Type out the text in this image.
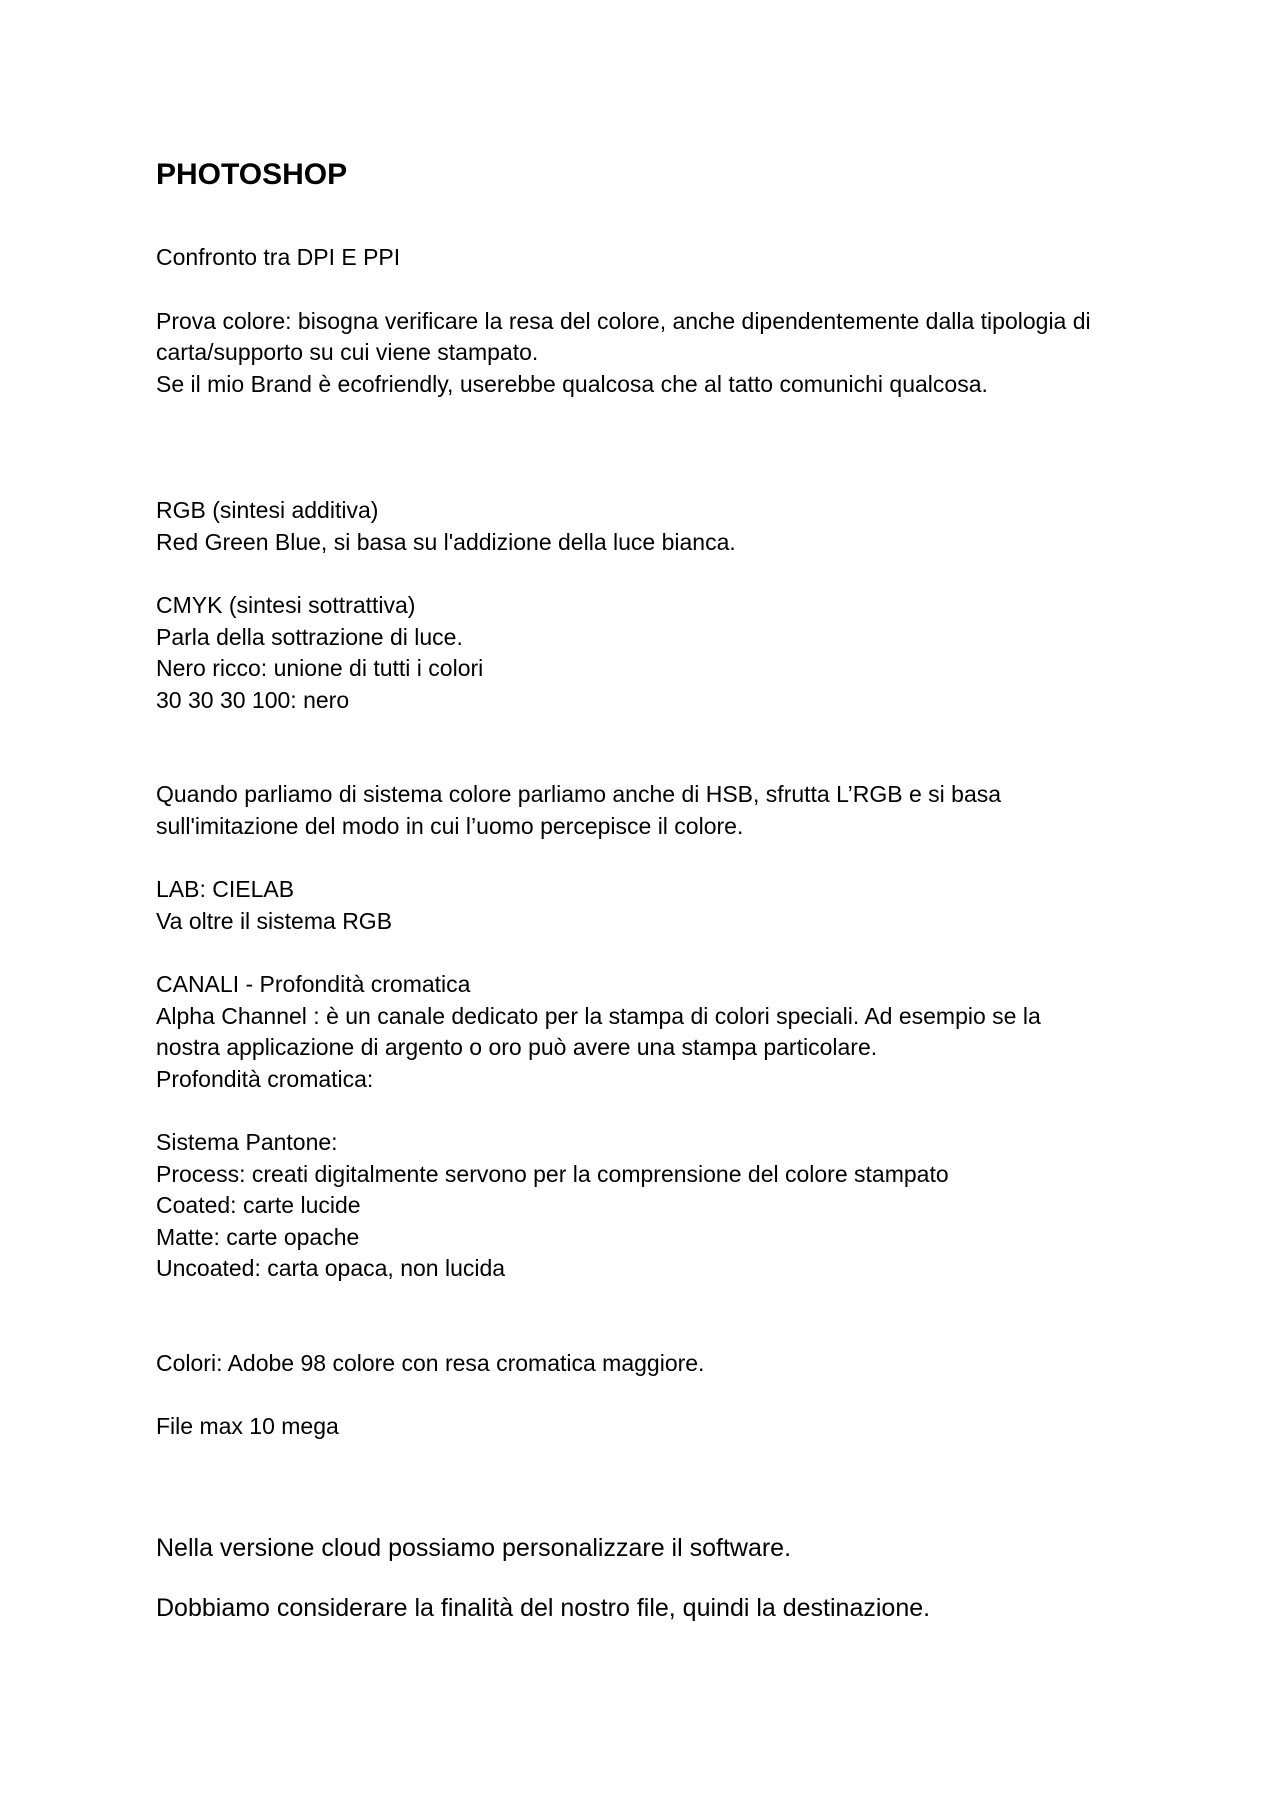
PHOTOSHOP

Confronto tra DPI E PPI

Prova colore: bisogna verificare la resa del colore, anche dipendentemente dalla tipologia di

carta/supporto su cui viene stampato.

Se il mio Brand è ecofriendly, userebbe qualcosa che al tatto comunichi qualcosa.

RGB (sintesi additiva)

Red Green Blue, si basa su l'addizione della luce bianca.

CMYK (sintesi sottrattiva)

Parla della sottrazione di luce.

Nero ricco: unione di tutti i colori

30 30 30 100: nero

Quando parliamo di sistema colore parliamo anche di HSB, sfrutta L’RGB e si basa

sull'imitazione del modo in cui l’uomo percepisce il colore.

LAB: CIELAB

Va oltre il sistema RGB

CANALI - Profondità cromatica

Alpha Channel : è un canale dedicato per la stampa di colori speciali. Ad esempio se la

nostra applicazione di argento o oro può avere una stampa particolare.

Profondità cromatica:

Sistema Pantone:

Process: creati digitalmente servono per la comprensione del colore stampato

Coated: carte lucide

Matte: carte opache

Uncoated: carta opaca, non lucida

Colori: Adobe 98 colore con resa cromatica maggiore.

File max 10 mega

Nella versione cloud possiamo personalizzare il software.

Dobbiamo considerare la finalità del nostro file, quindi la destinazione.
